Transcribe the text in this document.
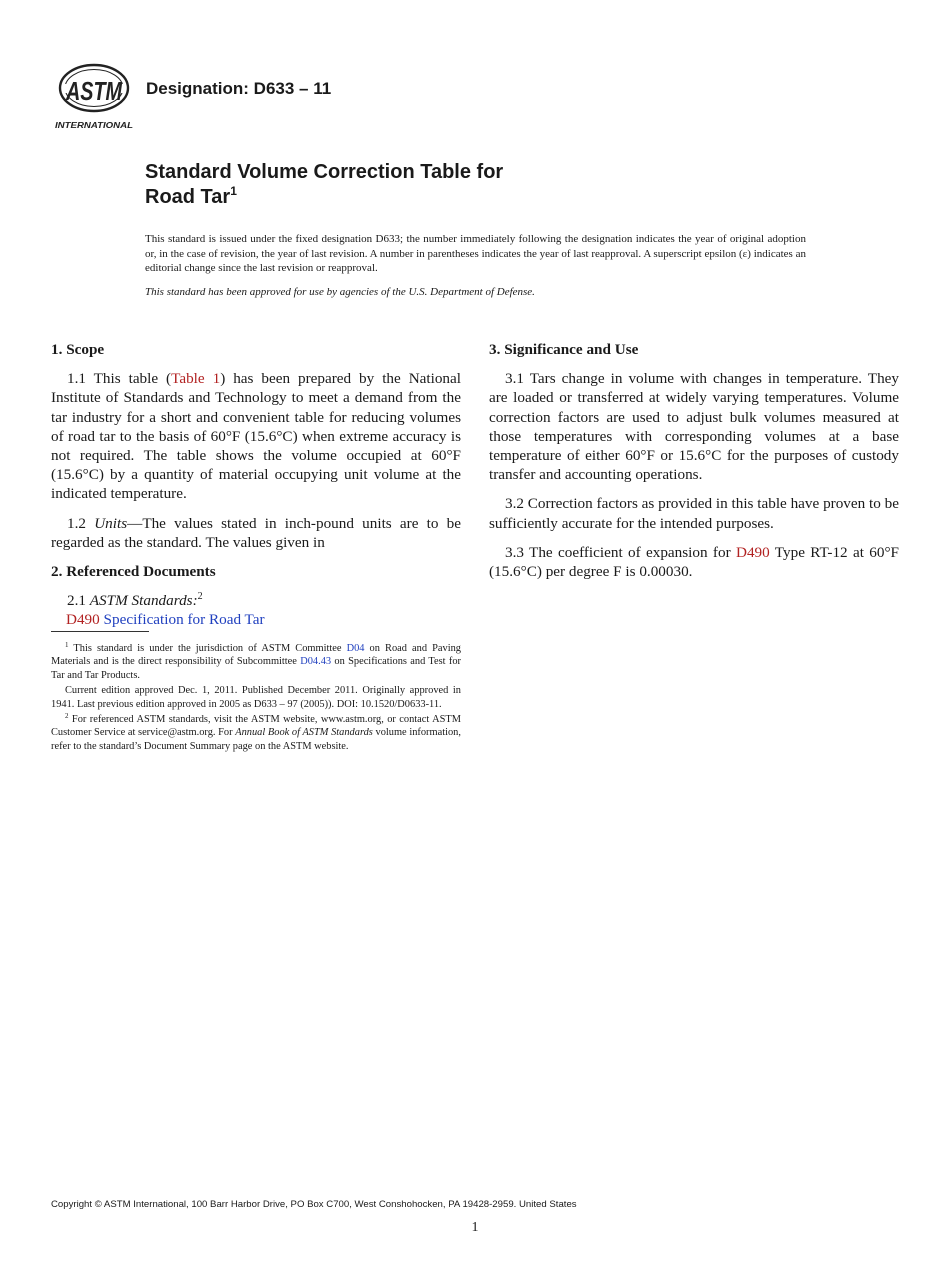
ASTM
INTERNATIONAL
Designation: D633 – 11
Standard Volume Correction Table for
Road Tar$^1$
This standard is issued under the fixed designation D633; the number immediately following the designation indicates the year of original adoption or, in the case of revision, the year of last revision. A number in parentheses indicates the year of last reapproval. A superscript epsilon (ε) indicates an editorial change since the last revision or reapproval.
This standard has been approved for use by agencies of the U.S. Department of Defense.
1. Scope

1.1 This table (Table 1) has been prepared by the National Institute of Standards and Technology to meet a demand from the tar industry for a short and convenient table for reducing volumes of road tar to the basis of 60°F (15.6°C) when extreme accuracy is not required. The table shows the volume occupied at 60°F (15.6°C) by a quantity of material occupying unit volume at the indicated temperature.

1.2 Units—The values stated in inch-pound units are to be regarded as the standard. The values given in

2. Referenced Documents

2.1 ASTM Standards:$^2$

D490 Specification for Road Tar

3. Significance and Use

3.1 Tars change in volume with changes in temperature. They are loaded or transferred at widely varying temperatures. Volume correction factors are used to adjust bulk volumes measured at those temperatures with corresponding volumes at a base temperature of either 60°F or 15.6°C for the purposes of custody transfer and accounting operations.

3.2 Correction factors as provided in this table have proven to be sufficiently accurate for the intended purposes.

3.3 The coefficient of expansion for D490 Type RT-12 at 60°F (15.6°C) per degree F is 0.00030.

$^1$ This standard is under the jurisdiction of ASTM Committee D04 on Road and Paving Materials and is the direct responsibility of Subcommittee D04.43 on Specifications and Test for Tar and Tar Products.

Current edition approved Dec. 1, 2011. Published December 2011. Originally approved in 1941. Last previous edition approved in 2005 as D633 – 97 (2005)). DOI: 10.1520/D0633-11.

$^2$ For referenced ASTM standards, visit the ASTM website, www.astm.org, or contact ASTM Customer Service at service@astm.org. For Annual Book of ASTM Standards volume information, refer to the standard’s Document Summary page on the ASTM website.

Copyright © ASTM International, 100 Barr Harbor Drive, PO Box C700, West Conshohocken, PA 19428-2959. United States
1
